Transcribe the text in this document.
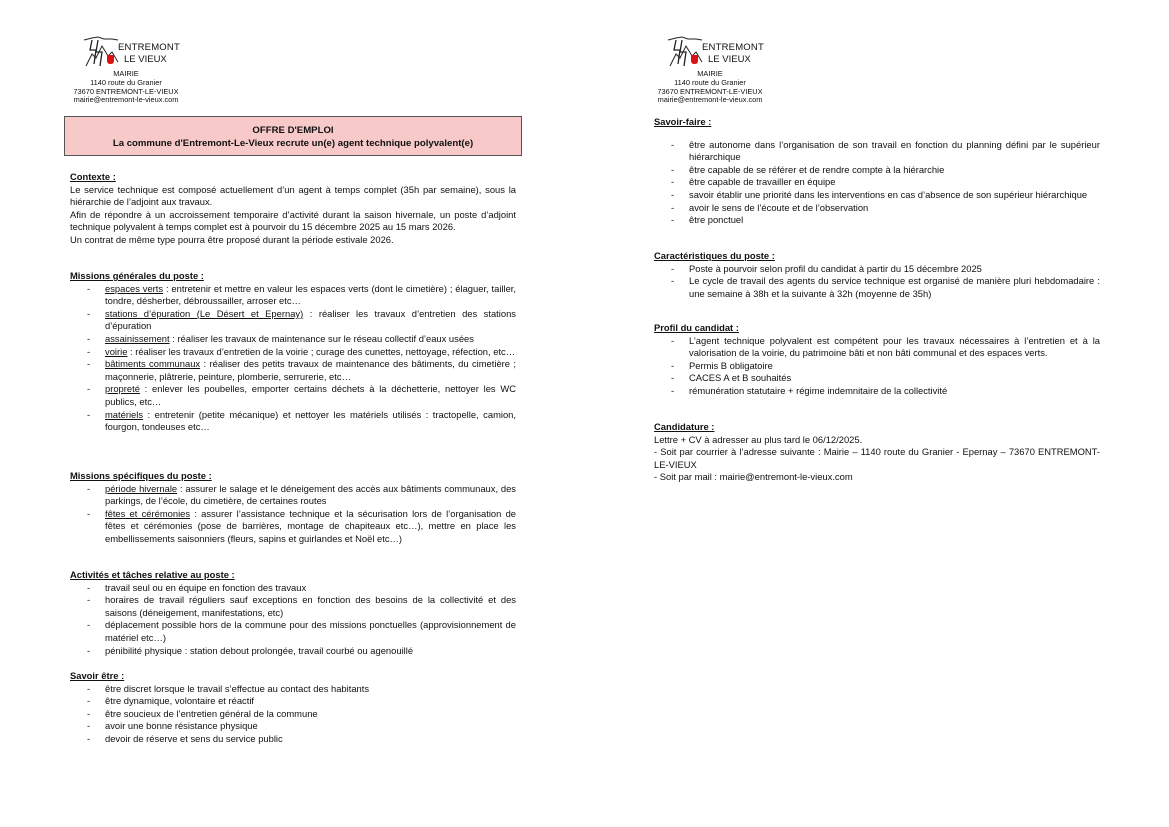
ENTREMONT
LE VIEUX
MAIRIE
1140 route du Granier
73670 ENTREMONT-LE-VIEUX
mairie@entremont-le-vieux.com
OFFRE D'EMPLOI
La commune d'Entremont-Le-Vieux recrute un(e) agent technique polyvalent(e)
Contexte :

Le service technique est composé actuellement d’un agent à temps complet (35h par semaine), sous la hiérarchie de l’adjoint aux travaux.

Afin de répondre à un accroissement temporaire d’activité durant la saison hivernale, un poste d’adjoint technique polyvalent à temps complet est à pourvoir du 15 décembre 2025 au 15 mars 2026.

Un contrat de même type pourra être proposé durant la période estivale 2026.

Missions générales du poste :
- espaces verts : entretenir et mettre en valeur les espaces verts (dont le cimetière) ; élaguer, tailler, tondre, désherber, débroussailler, arroser etc…
- stations d’épuration (Le Désert et Epernay) : réaliser les travaux d’entretien des stations d’épuration
- assainissement : réaliser les travaux de maintenance sur le réseau collectif d’eaux usées
- voirie : réaliser les travaux d’entretien de la voirie ; curage des cunettes, nettoyage, réfection, etc…
- bâtiments communaux : réaliser des petits travaux de maintenance des bâtiments, du cimetière ; maçonnerie, plâtrerie, peinture, plomberie, serrurerie, etc…
- propreté : enlever les poubelles, emporter certains déchets à la déchetterie, nettoyer les WC publics, etc…
- matériels : entretenir (petite mécanique) et nettoyer les matériels utilisés : tractopelle, camion, fourgon, tondeuses etc…
Missions spécifiques du poste :
- période hivernale : assurer le salage et le déneigement des accès aux bâtiments communaux, des parkings, de l’école, du cimetière, de certaines routes
- fêtes et cérémonies : assurer l’assistance technique et la sécurisation lors de l’organisation de fêtes et cérémonies (pose de barrières, montage de chapiteaux etc…), mettre en place les embellissements saisonniers (fleurs, sapins et guirlandes et Noël etc…)
Activités et tâches relative au poste :
- travail seul ou en équipe en fonction des travaux
- horaires de travail réguliers sauf exceptions en fonction des besoins de la collectivité et des saisons (déneigement, manifestations, etc)
- déplacement possible hors de la commune pour des missions ponctuelles (approvisionnement de matériel etc…)
- pénibilité physique : station debout prolongée, travail courbé ou agenouillé
Savoir être :
- être discret lorsque le travail s’effectue au contact des habitants
- être dynamique, volontaire et réactif
- être soucieux de l’entretien général de la commune
- avoir une bonne résistance physique
- devoir de réserve et sens du service public
ENTREMONT
LE VIEUX
MAIRIE
1140 route du Granier
73670 ENTREMONT-LE-VIEUX
mairie@entremont-le-vieux.com
Savoir-faire :
- être autonome dans l’organisation de son travail en fonction du planning défini par le supérieur hiérarchique
- être capable de se référer et de rendre compte à la hiérarchie
- être capable de travailler en équipe
- savoir établir une priorité dans les interventions en cas d’absence de son supérieur hiérarchique
- avoir le sens de l’écoute et de l’observation
- être ponctuel
Caractéristiques du poste :
- Poste à pourvoir selon profil du candidat à partir du 15 décembre 2025
- Le cycle de travail des agents du service technique est organisé de manière pluri hebdomadaire : une semaine à 38h et la suivante à 32h (moyenne de 35h)
Profil du candidat :
- L’agent technique polyvalent est compétent pour les travaux nécessaires à l’entretien et à la valorisation de la voirie, du patrimoine bâti et non bâti communal et des espaces verts.
- Permis B obligatoire
- CACES A et B souhaités
- rémunération statutaire + régime indemnitaire de la collectivité
Candidature :

Lettre + CV à adresser au plus tard le 06/12/2025.

- Soit par courrier à l’adresse suivante : Mairie – 1140 route du Granier - Epernay – 73670 ENTREMONT-LE-VIEUX

- Soit par mail : mairie@entremont-le-vieux.com
